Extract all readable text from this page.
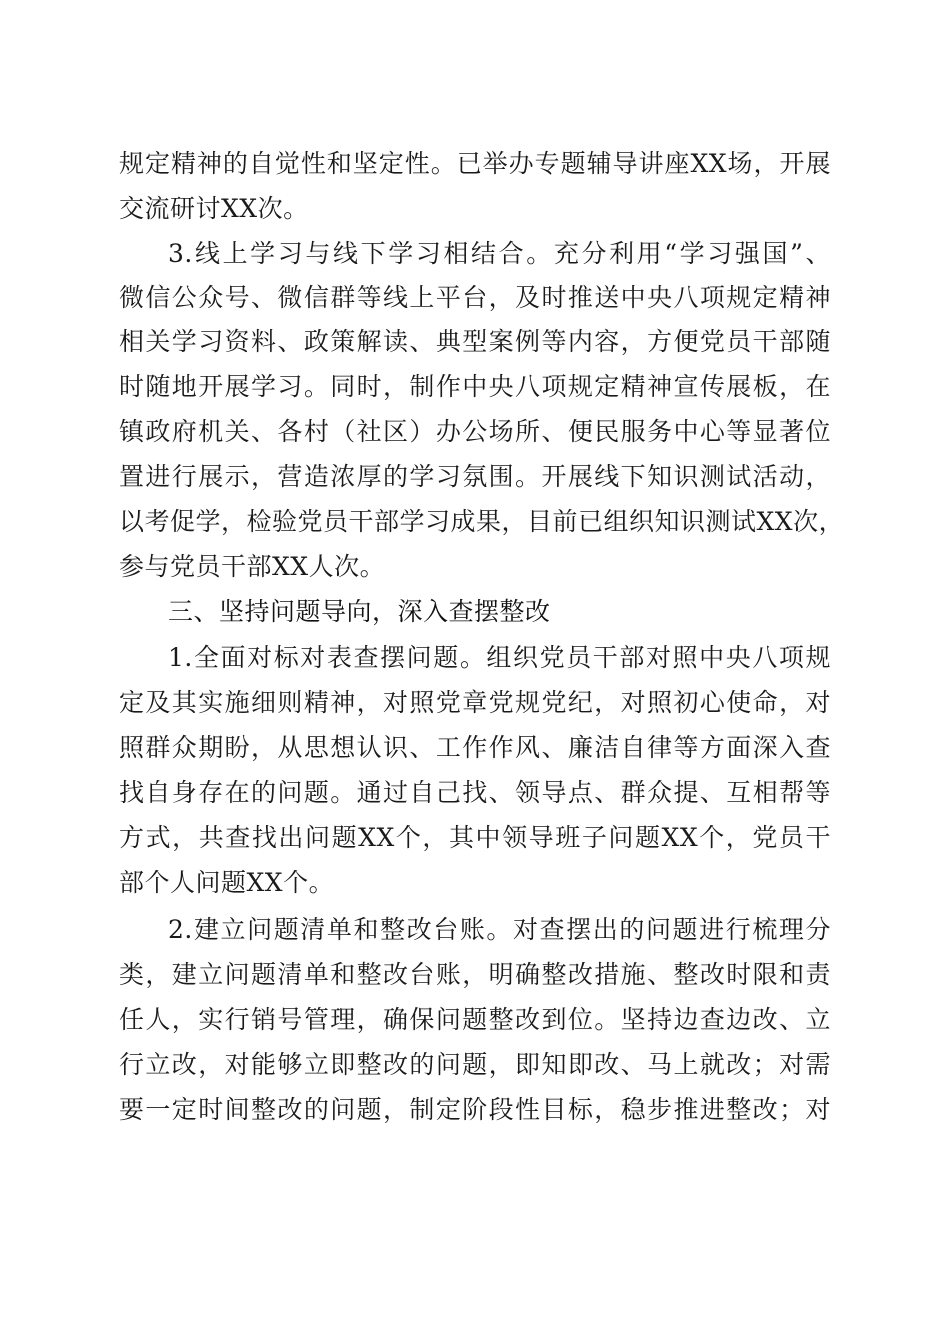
规定精神的自觉性和坚定性。已举办专题辅导讲座XX场，开展
交流研讨XX次。
3.线上学习与线下学习相结合。充分利用“学习强国”、
微信公众号、微信群等线上平台，及时推送中央八项规定精神
相关学习资料、政策解读、典型案例等内容，方便党员干部随
时随地开展学习。同时，制作中央八项规定精神宣传展板，在
镇政府机关、各村（社区）办公场所、便民服务中心等显著位
置进行展示，营造浓厚的学习氛围。开展线下知识测试活动，
以考促学，检验党员干部学习成果，目前已组织知识测试XX次，
参与党员干部XX人次。
三、坚持问题导向，深入查摆整改
1.全面对标对表查摆问题。组织党员干部对照中央八项规
定及其实施细则精神，对照党章党规党纪，对照初心使命，对
照群众期盼，从思想认识、工作作风、廉洁自律等方面深入查
找自身存在的问题。通过自己找、领导点、群众提、互相帮等
方式，共查找出问题XX个，其中领导班子问题XX个，党员干
部个人问题XX个。
2.建立问题清单和整改台账。对查摆出的问题进行梳理分
类，建立问题清单和整改台账，明确整改措施、整改时限和责
任人，实行销号管理，确保问题整改到位。坚持边查边改、立
行立改，对能够立即整改的问题，即知即改、马上就改；对需
要一定时间整改的问题，制定阶段性目标，稳步推进整改；对
